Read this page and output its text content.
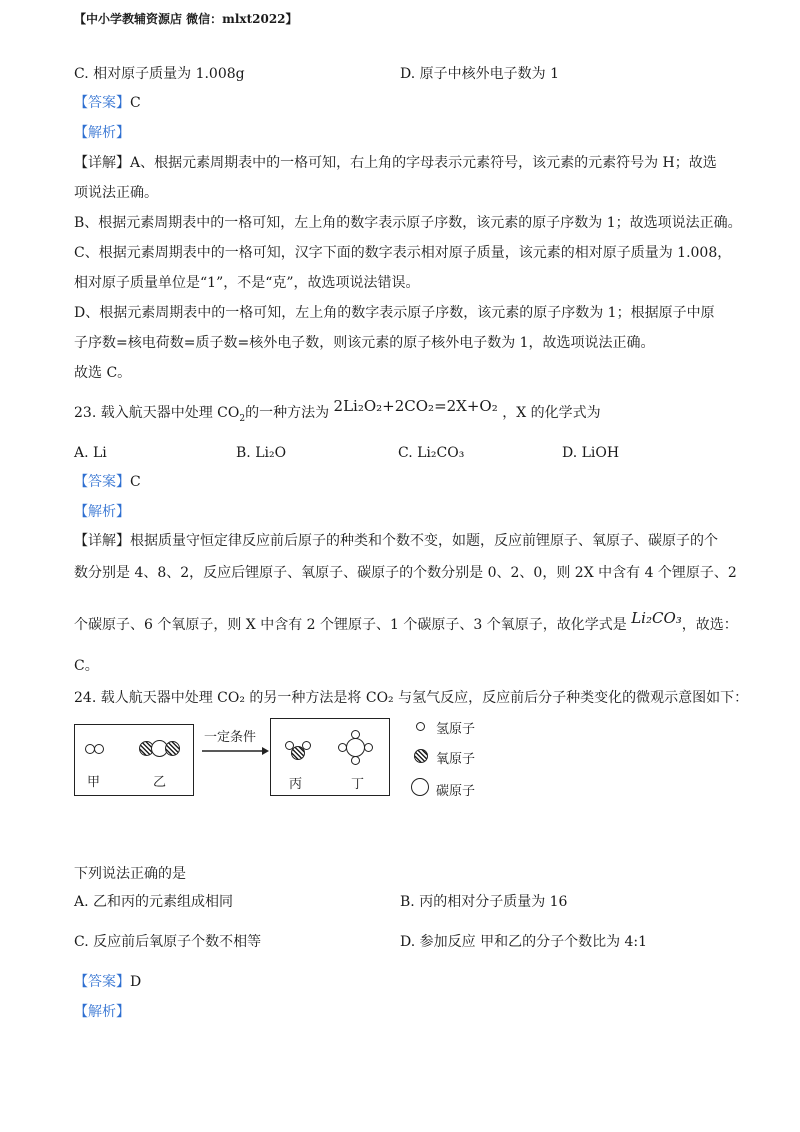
【中小学教辅资源店 微信：mlxt2022】
C. 相对原子质量为 1.008g	D. 原子中核外电子数为 1
【答案】C
【解析】
【详解】A、根据元素周期表中的一格可知，右上角的字母表示元素符号，该元素的元素符号为 H；故选
项说法正确。
B、根据元素周期表中的一格可知，左上角的数字表示原子序数，该元素的原子序数为 1；故选项说法正确。
C、根据元素周期表中的一格可知，汉字下面的数字表示相对原子质量，该元素的相对原子质量为 1.008，
相对原子质量单位是“1”，不是“克”，故选项说法错误。
D、根据元素周期表中的一格可知，左上角的数字表示原子序数，该元素的原子序数为 1；根据原子中原
子序数=核电荷数=质子数=核外电子数，则该元素的原子核外电子数为 1，故选项说法正确。
故选 C。
23. 载入航天器中处理 $CO_2$的一种方法为 2Li₂O₂+2CO₂=2X+O₂ ，X 的化学式为
A. Li	B. Li₂O	C. Li₂CO₃	D. LiOH
【答案】C
【解析】
【详解】根据质量守恒定律反应前后原子的种类和个数不变，如题，反应前锂原子、氧原子、碳原子的个
数分别是 4、8、2，反应后锂原子、氧原子、碳原子的个数分别是 0、2、0，则 2X 中含有 4 个锂原子、2
个碳原子、6 个氧原子，则 X 中含有 2 个锂原子、1 个碳原子、3 个氧原子，故化学式是 Li₂CO₃，故选：
C。
24. 载人航天器中处理 CO₂ 的另一种方法是将 CO₂ 与氢气反应，反应前后分子种类变化的微观示意图如下：
甲	乙
一定条件
丙	丁
氢原子
氧原子
碳原子
下列说法正确的是
A. 乙和丙的元素组成相同	B. 丙的相对分子质量为 16
C. 反应前后氧原子个数不相等	D. 参加反应 甲和乙的分子个数比为 4:1
【答案】D
【解析】
